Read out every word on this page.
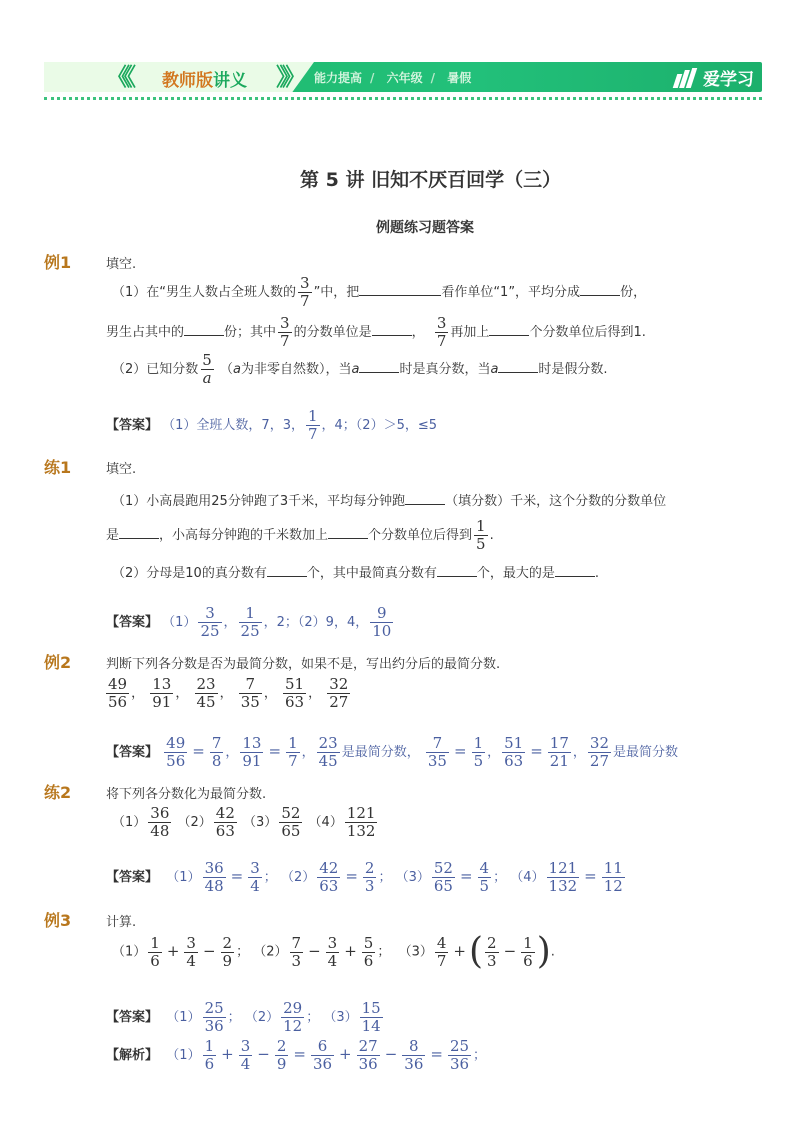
《《 教师版讲义 》》 能力提高 / 六年级 / 暑假	爱学习
第 5 讲 旧知不厌百回学（三）
例题练习题答案
例1	填空.
（1）在“男生人数占全班人数的 $\frac{3}{7}$ ”中，把	看作单位“1”，平均分成	份，
男生占其中的	份；其中 $\frac{3}{7}$ 的分数单位是	， $\frac{3}{7}$ 再加上	个分数单位后得到1.
（2）已知分数 $\frac{5}{a} (a$为非零自然数），当a	时是真分数，当a	时是假分数.
【答案】 （1）全班人数，7，3， $\frac{1}{7}$ ，4；（2）＞5，≤5
练1	填空.
（1）小高晨跑用25分钟跑了3千米，平均每分钟跑	（填分数）千米，这个分数的分数单位
是	，小高每分钟跑的千米数加上	个分数单位后得到 $\frac{1}{5}$ .
（2）分母是10的真分数有	个，其中最简真分数有	个，最大的是	.
【答案】 $(1) \frac{3}{25}$ ， $\frac{1}{25}$ ，2；（2）9，4， $\frac{9}{10}$
例2	判断下列各分数是否为最简分数，如果不是，写出约分后的最简分数.
$\frac{49}{56}$ ， $\frac{13}{91}$ ， $\frac{23}{45}$ ， $\frac{7}{35}$ ， $\frac{51}{63}$ ， $\frac{32}{27}$
【答案】 $\frac{49}{56} = \frac{7}{8}$ ， $\frac{13}{91} = \frac{1}{7}$ ， $\frac{23}{45}$ 是最简分数， $\frac{7}{35} = \frac{1}{5}$ ， $\frac{51}{63} = \frac{17}{21}$ ， $\frac{32}{27}$ 是最简分数
练2	将下列各分数化为最简分数.
$(1) \frac{36}{48} (2) \frac{42}{63} (3) \frac{52}{65} (4) \frac{121}{132}$
【答案】 $(1) \frac{36}{48} = \frac{3}{4}$ ； $(2) \frac{42}{63} = \frac{2}{3}$ ； $(3) \frac{52}{65} = \frac{4}{5}$ ； $(4) \frac{121}{132} = \frac{11}{12}$
例3	计算.
$(1) \frac{1}{6} + \frac{3}{4} - \frac{2}{9}$ ； $(2) \frac{7}{3} - \frac{3}{4} + \frac{5}{6}$ ； $(3) \frac{4}{7}$ +( $\frac{2}{3} - \frac{1}{6}$ ).
【答案】 $(1) \frac{25}{36}$ ； $(2) \frac{29}{12}$ ； $(3) \frac{15}{14}$
【解析】 $(1) \frac{1}{6} + \frac{3}{4} - \frac{2}{9} = \frac{6}{36} + \frac{27}{36} - \frac{8}{36} = \frac{25}{36}$ ；
